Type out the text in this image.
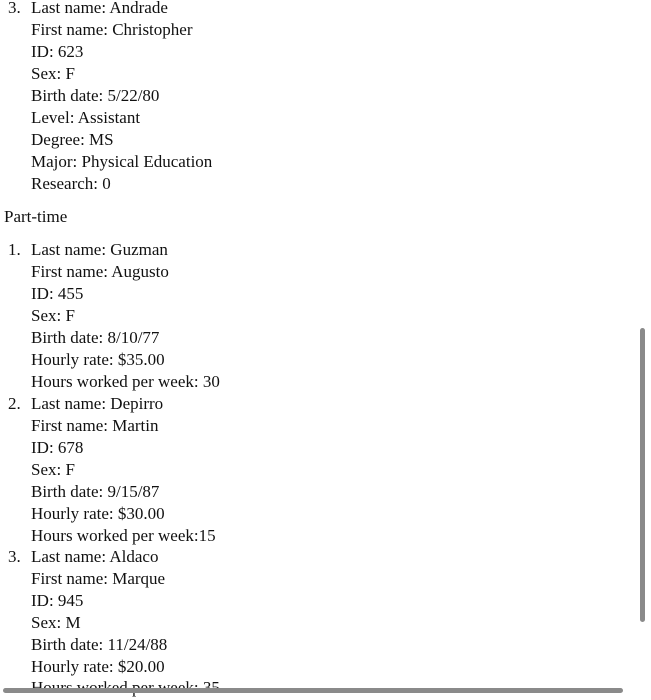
3. Last name: Andrade
First name: Christopher
ID: 623
Sex: F
Birth date: 5/22/80
Level: Assistant
Degree: MS
Major: Physical Education
Research: 0
Part-time
1. Last name: Guzman
First name: Augusto
ID: 455
Sex: F
Birth date: 8/10/77
Hourly rate: $35.00
Hours worked per week: 30
2. Last name: Depirro
First name: Martin
ID: 678
Sex: F
Birth date: 9/15/87
Hourly rate: $30.00
Hours worked per week:15
3. Last name: Aldaco
First name: Marque
ID: 945
Sex: M
Birth date: 11/24/88
Hourly rate: $20.00
